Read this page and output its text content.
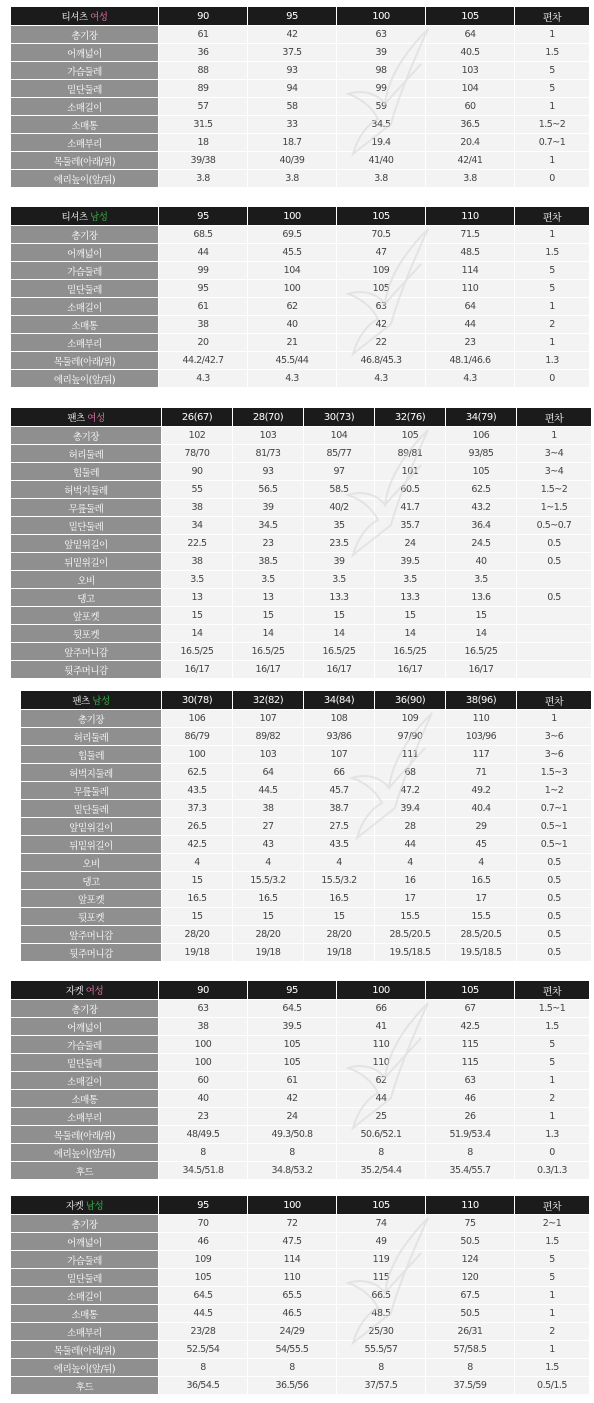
티셔츠 여성	90	95	100	105	편차
총기장	61	42	63	64	1
어깨넓이	36	37.5	39	40.5	1.5
가슴둘레	88	93	98	103	5
밑단둘레	89	94	99	104	5
소매길이	57	58	59	60	1
소매통	31.5	33	34.5	36.5	1.5~2
소매부리	18	18.7	19.4	20.4	0.7~1
목둘레(아래/위)	39/38	40/39	41/40	42/41	1
에리높이(앞/뒤)	3.8	3.8	3.8	3.8	0
티셔츠 남성	95	100	105	110	편차
총기장	68.5	69.5	70.5	71.5	1
어깨넓이	44	45.5	47	48.5	1.5
가슴둘레	99	104	109	114	5
밑단둘레	95	100	105	110	5
소매길이	61	62	63	64	1
소매통	38	40	42	44	2
소매부리	20	21	22	23	1
목둘레(아래/위)	44.2/42.7	45.5/44	46.8/45.3	48.1/46.6	1.3
에리높이(앞/뒤)	4.3	4.3	4.3	4.3	0
팬츠 여성	26(67)	28(70)	30(73)	32(76)	34(79)	편차
총기장	102	103	104	105	106	1
허리둘레	78/70	81/73	85/77	89/81	93/85	3~4
힙둘레	90	93	97	101	105	3~4
허벅지둘레	55	56.5	58.5	60.5	62.5	1.5~2
무릎둘레	38	39	40/2	41.7	43.2	1~1.5
밑단둘레	34	34.5	35	35.7	36.4	0.5~0.7
앞밑위길이	22.5	23	23.5	24	24.5	0.5
뒤밑위길이	38	38.5	39	39.5	40	0.5
오비	3.5	3.5	3.5	3.5	3.5	
댕고	13	13	13.3	13.3	13.6	0.5
앞포켓	15	15	15	15	15	
뒷포켓	14	14	14	14	14	
앞주머니감	16.5/25	16.5/25	16.5/25	16.5/25	16.5/25	
뒷주머니감	16/17	16/17	16/17	16/17	16/17	
팬츠 남성	30(78)	32(82)	34(84)	36(90)	38(96)	편차
총기장	106	107	108	109	110	1
허리둘레	86/79	89/82	93/86	97/90	103/96	3~6
힙둘레	100	103	107	111	117	3~6
허벅지둘레	62.5	64	66	68	71	1.5~3
무릎둘레	43.5	44.5	45.7	47.2	49.2	1~2
밑단둘레	37.3	38	38.7	39.4	40.4	0.7~1
앞밑위길이	26.5	27	27.5	28	29	0.5~1
뒤밑위길이	42.5	43	43.5	44	45	0.5~1
오비	4	4	4	4	4	0.5
댕고	15	15.5/3.2	15.5/3.2	16	16.5	0.5
앞포켓	16.5	16.5	16.5	17	17	0.5
뒷포켓	15	15	15	15.5	15.5	0.5
앞주머니감	28/20	28/20	28/20	28.5/20.5	28.5/20.5	0.5
뒷주머니감	19/18	19/18	19/18	19.5/18.5	19.5/18.5	0.5
자켓 여성	90	95	100	105	편차
총기장	63	64.5	66	67	1.5~1
어깨넓이	38	39.5	41	42.5	1.5
가슴둘레	100	105	110	115	5
밑단둘레	100	105	110	115	5
소매길이	60	61	62	63	1
소매통	40	42	44	46	2
소매부리	23	24	25	26	1
목둘레(아래/위)	48/49.5	49.3/50.8	50.6/52.1	51.9/53.4	1.3
에리높이(앞/뒤)	8	8	8	8	0
후드	34.5/51.8	34.8/53.2	35.2/54.4	35.4/55.7	0.3/1.3
자켓 남성	95	100	105	110	편차
총기장	70	72	74	75	2~1
어깨넓이	46	47.5	49	50.5	1.5
가슴둘레	109	114	119	124	5
밑단둘레	105	110	115	120	5
소매길이	64.5	65.5	66.5	67.5	1
소매통	44.5	46.5	48.5	50.5	1
소매부리	23/28	24/29	25/30	26/31	2
목둘레(아래/위)	52.5/54	54/55.5	55.5/57	57/58.5	1
에리높이(앞/뒤)	8	8	8	8	1.5
후드	36/54.5	36.5/56	37/57.5	37.5/59	0.5/1.5
